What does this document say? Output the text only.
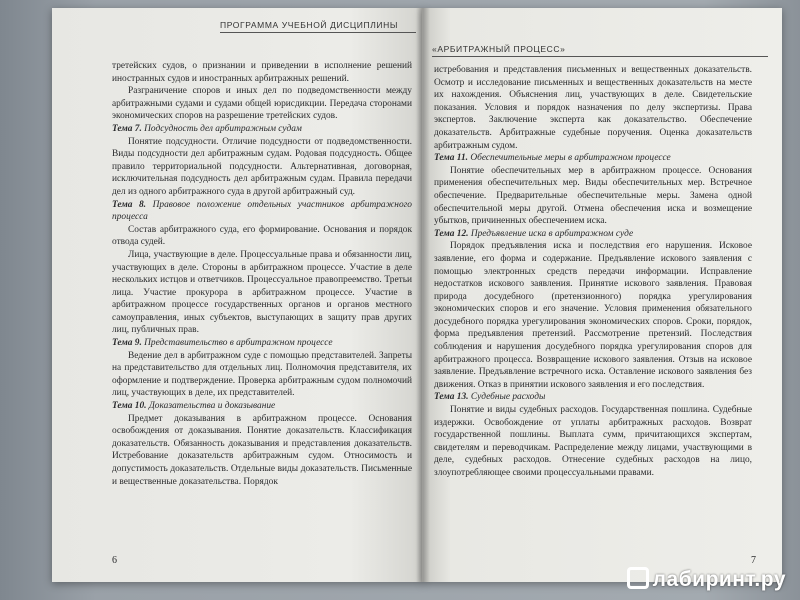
ПРОГРАММА УЧЕБНОЙ ДИСЦИПЛИНЫ

третейских судов, о признании и приведении в исполнение решений иностранных судов и иностранных арбитражных решений.

Разграничение споров и иных дел по подведомственности между арбитражными судами и судами общей юрисдикции. Передача сторонами экономических споров на разрешение третейских судов.

Тема 7. Подсудность дел арбитражным судам

Понятие подсудности. Отличие подсудности от подведомственности. Виды подсудности дел арбитражным судам. Родовая подсудность. Общее правило территориальной подсудности. Альтернативная, договорная, исключительная подсудность дел арбитражным судам. Правила передачи дел из одного арбитражного суда в другой арбитражный суд.

Тема 8. Правовое положение отдельных участников арбитражного процесса

Состав арбитражного суда, его формирование. Основания и порядок отвода судей.

Лица, участвующие в деле. Процессуальные права и обязанности лиц, участвующих в деле. Стороны в арбитражном процессе. Участие в деле нескольких истцов и ответчиков. Процессуальное правопреемство. Третьи лица. Участие прокурора в арбитражном процессе. Участие в арбитражном процессе государственных органов и органов местного самоуправления, иных субъектов, выступающих в защиту прав других лиц, публичных прав.

Тема 9. Представительство в арбитражном процессе

Ведение дел в арбитражном суде с помощью представителей. Запреты на представительство для отдельных лиц. Полномочия представителя, их оформление и подтверждение. Проверка арбитражным судом полномочий лиц, участвующих в деле, их представителей.

Тема 10. Доказательства и доказывание

Предмет доказывания в арбитражном процессе. Основания освобождения от доказывания. Понятие доказательств. Классификация доказательств. Обязанность доказывания и представления доказательств. Истребование доказательств арбитражным судом. Относимость и допустимость доказательств. Отдельные виды доказательств. Письменные и вещественные доказательства. Порядок

6
«АРБИТРАЖНЫЙ ПРОЦЕСС»

истребования и представления письменных и вещественных доказательств. Осмотр и исследование письменных и вещественных доказательств на месте их нахождения. Объяснения лиц, участвующих в деле. Свидетельские показания. Условия и порядок назначения по делу экспертизы. Права экспертов. Заключение эксперта как доказательство. Обеспечение доказательств. Арбитражные судебные поручения. Оценка доказательств арбитражным судом.

Тема 11. Обеспечительные меры в арбитражном процессе

Понятие обеспечительных мер в арбитражном процессе. Основания применения обеспечительных мер. Виды обеспечительных мер. Встречное обеспечение. Предварительные обеспечительные меры. Замена одной обеспечительной меры другой. Отмена обеспечения иска и возмещение убытков, причиненных обеспечением иска.

Тема 12. Предъявление иска в арбитражном суде

Порядок предъявления иска и последствия его нарушения. Исковое заявление, его форма и содержание. Предъявление искового заявления с помощью электронных средств передачи информации. Исправление недостатков искового заявления. Принятие искового заявления. Правовая природа досудебного (претензионного) порядка урегулирования экономических споров и его значение. Условия применения обязательного досудебного порядка урегулирования экономических споров. Сроки, порядок, форма предъявления претензий. Рассмотрение претензий. Последствия соблюдения и нарушения досудебного порядка урегулирования споров для арбитражного процесса. Возвращение искового заявления. Отзыв на исковое заявление. Предъявление встречного иска. Оставление искового заявления без движения. Отказ в принятии искового заявления и его последствия.

Тема 13. Судебные расходы

Понятие и виды судебных расходов. Государственная пошлина. Судебные издержки. Освобождение от уплаты арбитражных расходов. Возврат государственной пошлины. Выплата сумм, причитающихся экспертам, свидетелям и переводчикам. Распределение между лицами, участвующими в деле, судебных расходов. Отнесение судебных расходов на лицо, злоупотребляющее своими процессуальными правами.

7
лабиринт.ру
